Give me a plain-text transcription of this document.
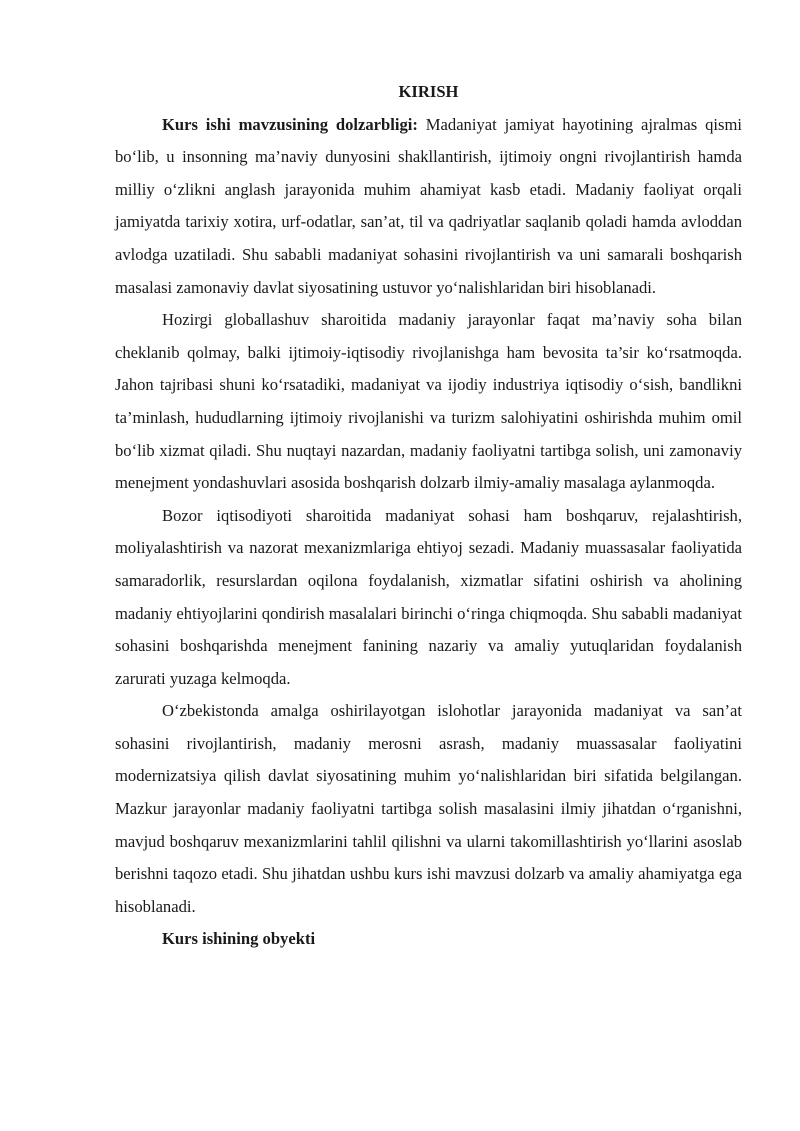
KIRISH

Kurs ishi mavzusining dolzarbligi: Madaniyat jamiyat hayotining ajralmas qismi bo‘lib, u insonning ma’naviy dunyosini shakllantirish, ijtimoiy ongni rivojlantirish hamda milliy o‘zlikni anglash jarayonida muhim ahamiyat kasb etadi. Madaniy faoliyat orqali jamiyatda tarixiy xotira, urf-odatlar, san’at, til va qadriyatlar saqlanib qoladi hamda avloddan avlodga uzatiladi. Shu sababli madaniyat sohasini rivojlantirish va uni samarali boshqarish masalasi zamonaviy davlat siyosatining ustuvor yo‘nalishlaridan biri hisoblanadi.

Hozirgi globallashuv sharoitida madaniy jarayonlar faqat ma’naviy soha bilan cheklanib qolmay, balki ijtimoiy-iqtisodiy rivojlanishga ham bevosita ta’sir ko‘rsatmoqda. Jahon tajribasi shuni ko‘rsatadiki, madaniyat va ijodiy industriya iqtisodiy o‘sish, bandlikni ta’minlash, hududlarning ijtimoiy rivojlanishi va turizm salohiyatini oshirishda muhim omil bo‘lib xizmat qiladi. Shu nuqtayi nazardan, madaniy faoliyatni tartibga solish, uni zamonaviy menejment yondashuvlari asosida boshqarish dolzarb ilmiy-amaliy masalaga aylanmoqda.

Bozor iqtisodiyoti sharoitida madaniyat sohasi ham boshqaruv, rejalashtirish, moliyalashtirish va nazorat mexanizmlariga ehtiyoj sezadi. Madaniy muassasalar faoliyatida samaradorlik, resurslardan oqilona foydalanish, xizmatlar sifatini oshirish va aholining madaniy ehtiyojlarini qondirish masalalari birinchi o‘ringa chiqmoqda. Shu sababli madaniyat sohasini boshqarishda menejment fanining nazariy va amaliy yutuqlaridan foydalanish zarurati yuzaga kelmoqda.

O‘zbekistonda amalga oshirilayotgan islohotlar jarayonida madaniyat va san’at sohasini rivojlantirish, madaniy merosni asrash, madaniy muassasalar faoliyatini modernizatsiya qilish davlat siyosatining muhim yo‘nalishlaridan biri sifatida belgilangan. Mazkur jarayonlar madaniy faoliyatni tartibga solish masalasini ilmiy jihatdan o‘rganishni, mavjud boshqaruv mexanizmlarini tahlil qilishni va ularni takomillashtirish yo‘llarini asoslab berishni taqozo etadi. Shu jihatdan ushbu kurs ishi mavzusi dolzarb va amaliy ahamiyatga ega hisoblanadi.

Kurs ishining obyekti
